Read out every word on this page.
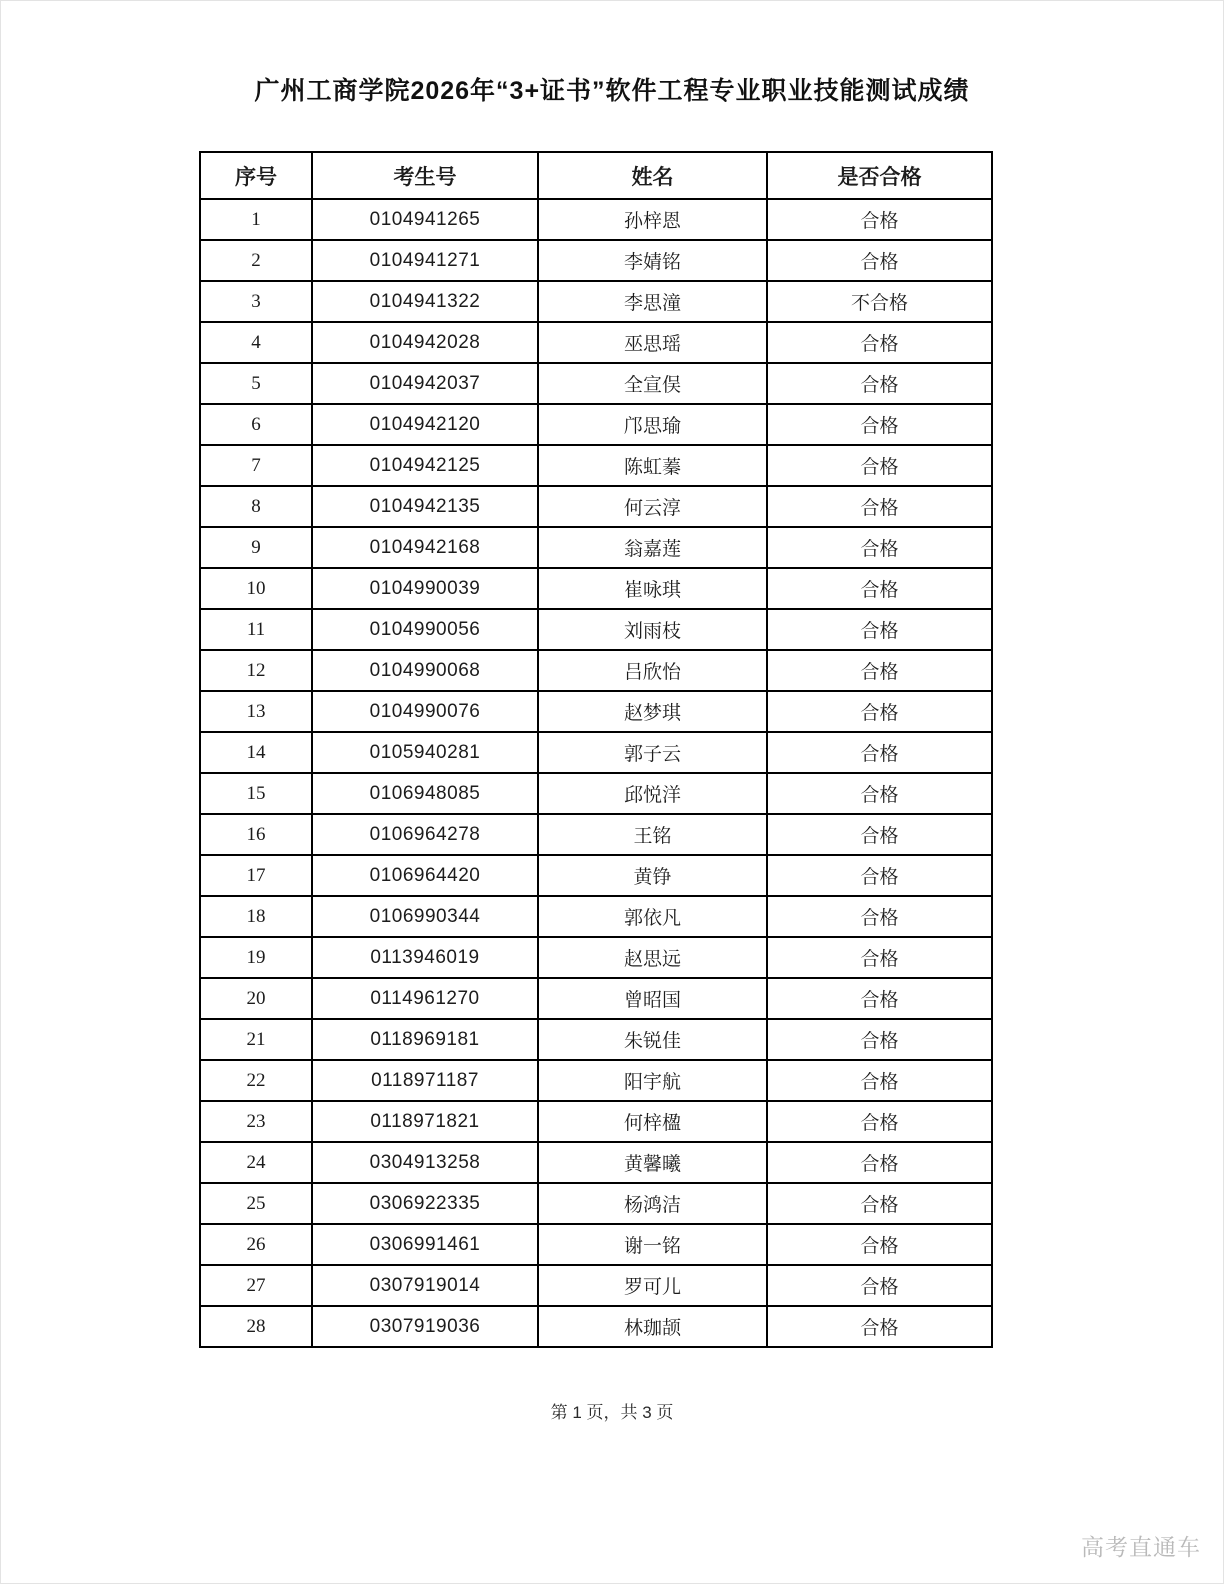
广州工商学院2026年“3+证书”软件工程专业职业技能测试成绩
序号	考生号	姓名	是否合格
1	0104941265	孙梓恩	合格
2	0104941271	李婧铭	合格
3	0104941322	李思潼	不合格
4	0104942028	巫思瑶	合格
5	0104942037	全宣俣	合格
6	0104942120	邝思瑜	合格
7	0104942125	陈虹蓁	合格
8	0104942135	何云淳	合格
9	0104942168	翁嘉莲	合格
10	0104990039	崔咏琪	合格
11	0104990056	刘雨枝	合格
12	0104990068	吕欣怡	合格
13	0104990076	赵梦琪	合格
14	0105940281	郭子云	合格
15	0106948085	邱悦洋	合格
16	0106964278	王铭	合格
17	0106964420	黄铮	合格
18	0106990344	郭依凡	合格
19	0113946019	赵思远	合格
20	0114961270	曾昭国	合格
21	0118969181	朱锐佳	合格
22	0118971187	阳宇航	合格
23	0118971821	何梓楹	合格
24	0304913258	黄馨曦	合格
25	0306922335	杨鸿洁	合格
26	0306991461	谢一铭	合格
27	0307919014	罗可儿	合格
28	0307919036	林珈颉	合格
第 1 页，共 3 页
高考直通车
